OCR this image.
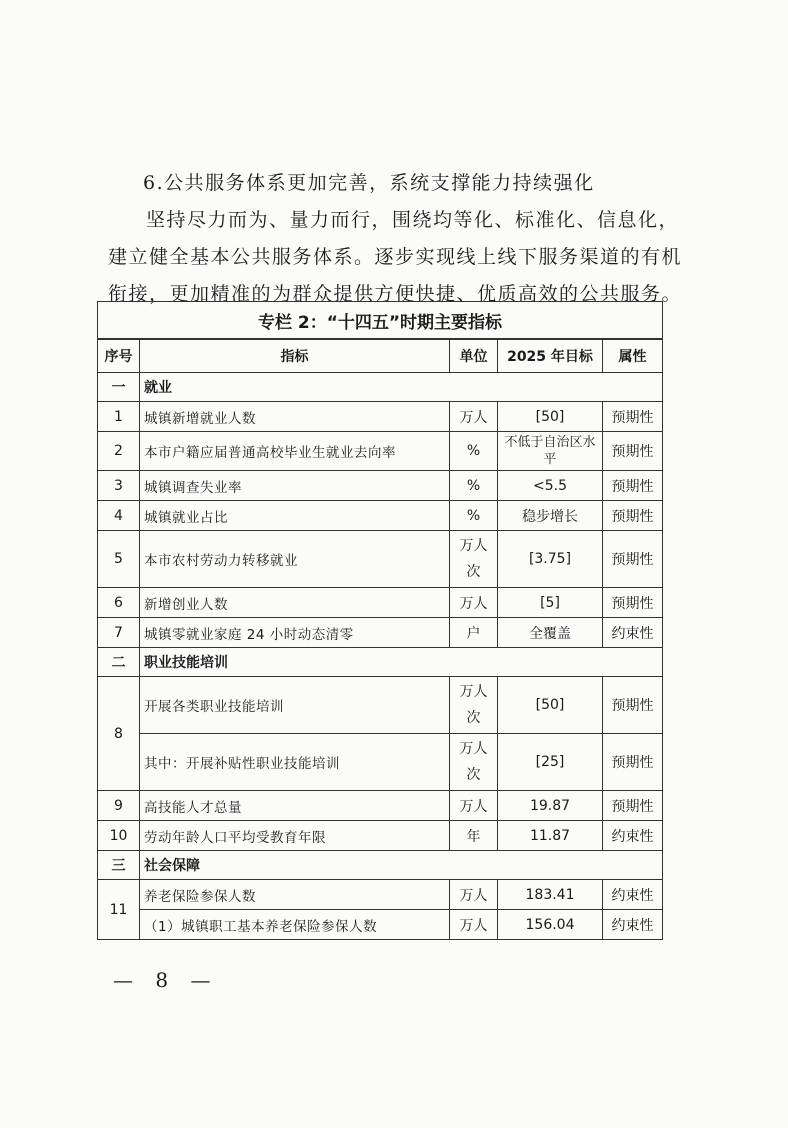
6.公共服务体系更加完善，系统支撑能力持续强化
坚持尽力而为、量力而行，围绕均等化、标准化、信息化，建立健全基本公共服务体系。逐步实现线上线下服务渠道的有机衔接，更加精准的为群众提供方便快捷、优质高效的公共服务。
专栏 2：“十四五”时期主要指标				
序号	指标	单位	2025 年目标	属性
一	就业			
1	城镇新增就业人数	万人	[50]	预期性
2	本市户籍应届普通高校毕业生就业去向率	%	不低于自治区水平	预期性
3	城镇调查失业率	%	<5.5	预期性
4	城镇就业占比	%	稳步增长	预期性
5	本市农村劳动力转移就业	万人次	[3.75]	预期性
6	新增创业人数	万人	[5]	预期性
7	城镇零就业家庭 24 小时动态清零	户	全覆盖	约束性
二	职业技能培训			
8	开展各类职业技能培训	万人次	[50]	预期性
	其中：开展补贴性职业技能培训	万人次	[25]	预期性
9	高技能人才总量	万人	19.87	预期性
10	劳动年龄人口平均受教育年限	年	11.87	约束性
三	社会保障			
11	养老保险参保人数	万人	183.41	约束性
	（1）城镇职工基本养老保险参保人数	万人	156.04	约束性
— 8 —
